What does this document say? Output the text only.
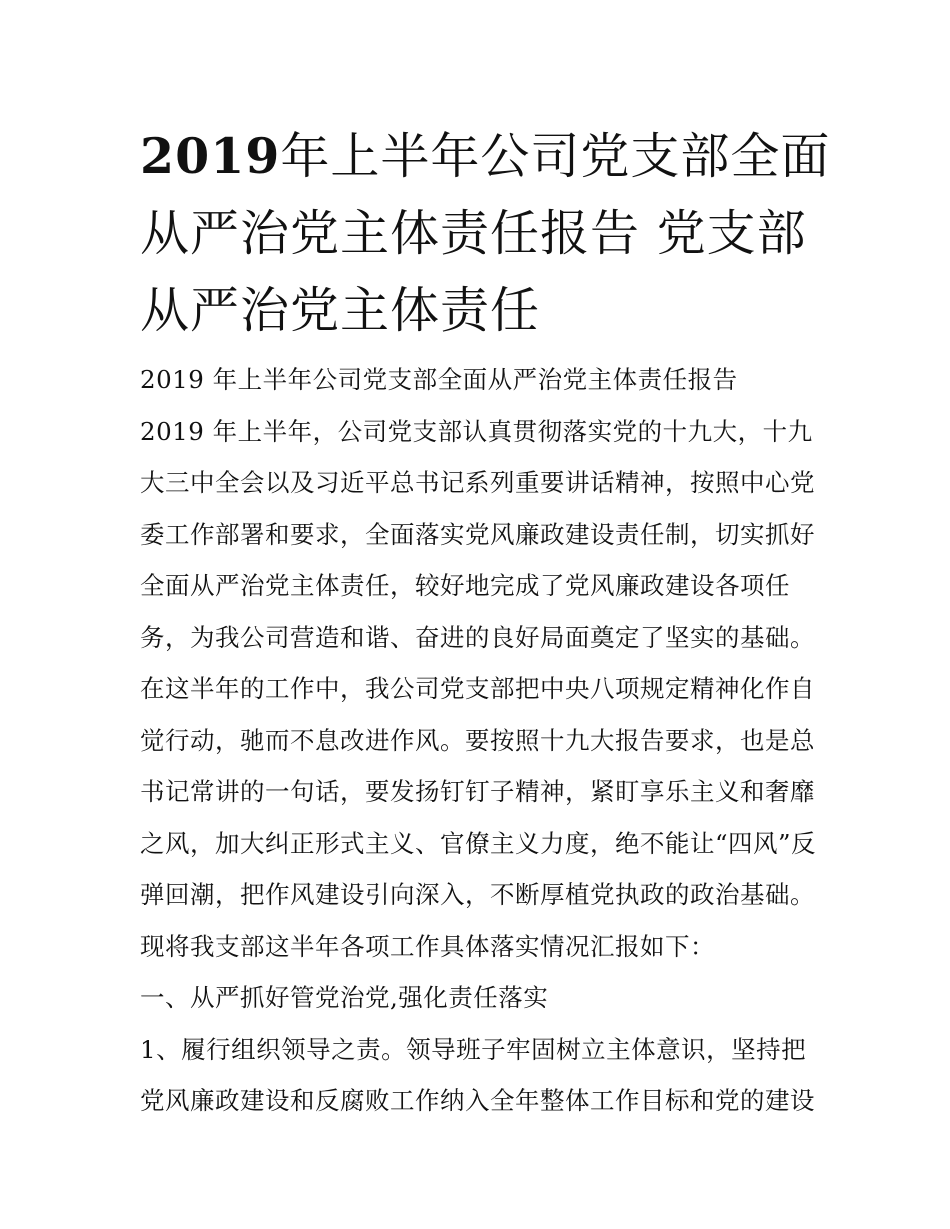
2019年上半年公司党支部全面
从严治党主体责任报告 党支部
从严治党主体责任
2019 年上半年公司党支部全面从严治党主体责任报告
2019 年上半年，公司党支部认真贯彻落实党的十九大，十九
大三中全会以及习近平总书记系列重要讲话精神，按照中心党
委工作部署和要求，全面落实党风廉政建设责任制，切实抓好
全面从严治党主体责任，较好地完成了党风廉政建设各项任
务，为我公司营造和谐、奋进的良好局面奠定了坚实的基础。
在这半年的工作中，我公司党支部把中央八项规定精神化作自
觉行动，驰而不息改进作风。要按照十九大报告要求，也是总
书记常讲的一句话，要发扬钉钉子精神，紧盯享乐主义和奢靡
之风，加大纠正形式主义、官僚主义力度，绝不能让“四风”反
弹回潮，把作风建设引向深入，不断厚植党执政的政治基础。
现将我支部这半年各项工作具体落实情况汇报如下：
一、从严抓好管党治党,强化责任落实
1、履行组织领导之责。领导班子牢固树立主体意识，坚持把
党风廉政建设和反腐败工作纳入全年整体工作目标和党的建设
